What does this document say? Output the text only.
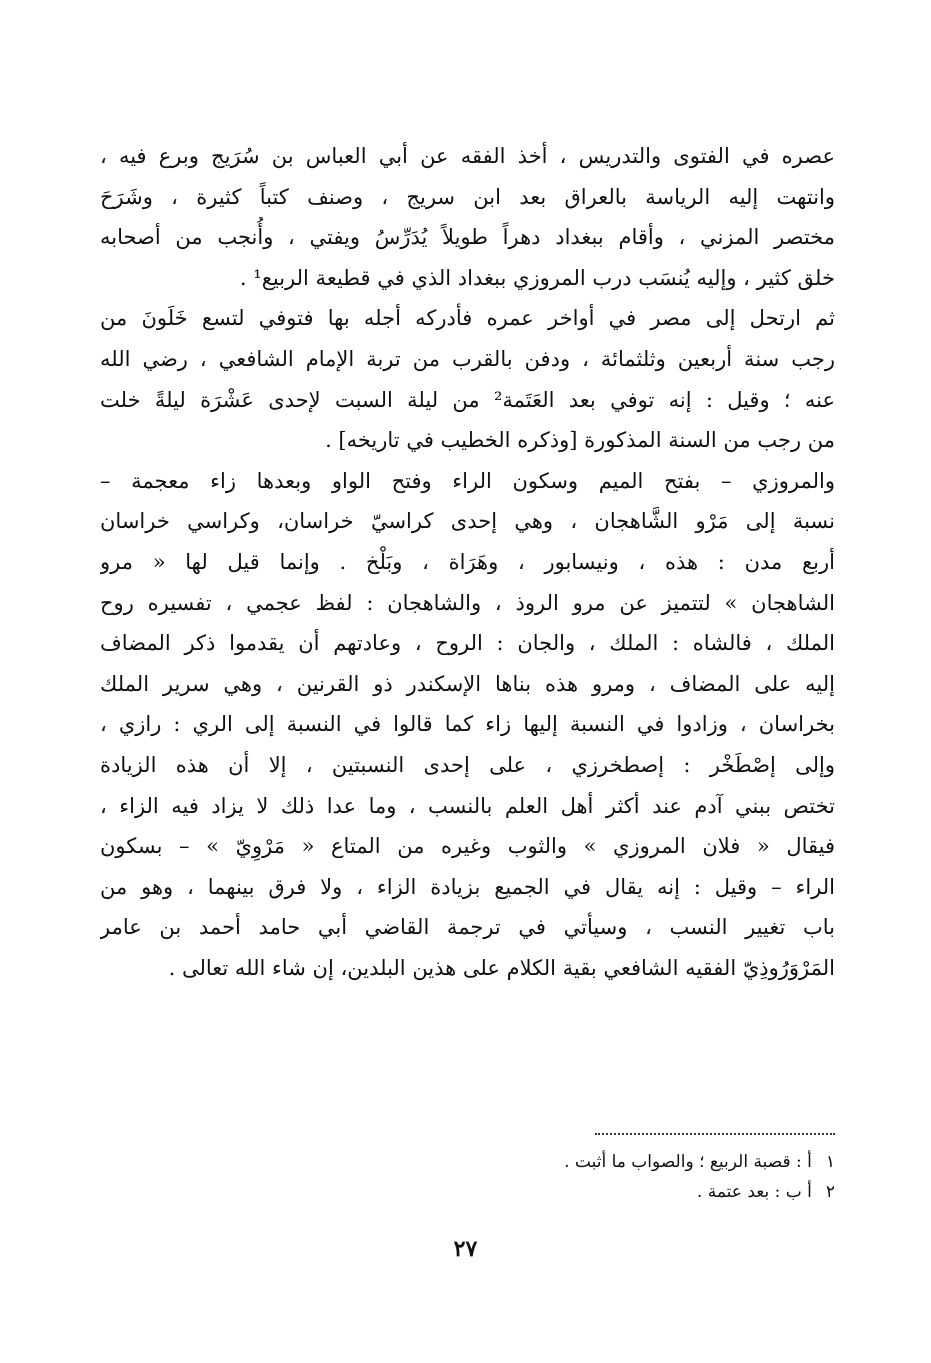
عصره في الفتوى والتدريس ، أخذ الفقه عن أبي العباس بن سُرَيج وبرع فيه ،
وانتهت إليه الرياسة بالعراق بعد ابن سريج ، وصنف كتباً كثيرة ، وشَرَحَ
مختصر المزني ، وأقام ببغداد دهراً طويلاً يُدَرِّسُ ويفتي ، وأُنجب من أصحابه
خلق كثير ، وإليه يُنسَب درب المروزي ببغداد الذي في قطيعة الربيع¹ .
ثم ارتحل إلى مصر في أواخر عمره فأدركه أجله بها فتوفي لتسع خَلَونَ من
رجب سنة أربعين وثلثمائة ، ودفن بالقرب من تربة الإمام الشافعي ، رضي الله
عنه ؛ وقيل : إنه توفي بعد العَتَمة² من ليلة السبت لإحدى عَشْرَة ليلةً خلت
من رجب من السنة المذكورة [وذكره الخطيب في تاريخه] .
والمروزي – بفتح الميم وسكون الراء وفتح الواو وبعدها زاء معجمة –
نسبة إلى مَرْو الشَّاهجان ، وهي إحدى كراسيّ خراسان، وكراسي خراسان
أربع مدن : هذه ، ونيسابور ، وهَرَاة ، وبَلْخ . وإنما قيل لها « مرو
الشاهجان » لتتميز عن مرو الروذ ، والشاهجان : لفظ عجمي ، تفسيره روح
الملك ، فالشاه : الملك ، والجان : الروح ، وعادتهم أن يقدموا ذكر المضاف
إليه على المضاف ، ومرو هذه بناها الإسكندر ذو القرنين ، وهي سرير الملك
بخراسان ، وزادوا في النسبة إليها زاء كما قالوا في النسبة إلى الري : رازي ،
وإلى إصْطَخْر : إصطخرزي ، على إحدى النسبتين ، إلا أن هذه الزيادة
تختص ببني آدم عند أكثر أهل العلم بالنسب ، وما عدا ذلك لا يزاد فيه الزاء ،
فيقال « فلان المروزي » والثوب وغيره من المتاع « مَرْوِيّ » – بسكون
الراء – وقيل : إنه يقال في الجميع بزيادة الزاء ، ولا فرق بينهما ، وهو من
باب تغيير النسب ، وسيأتي في ترجمة القاضي أبي حامد أحمد بن عامر
المَرْوَرُوذِيّ الفقيه الشافعي بقية الكلام على هذين البلدين، إن شاء الله تعالى .
١أ : قصبة الربيع ؛ والصواب ما أثبت .
٢أ ب : بعد عتمة .
٢٧
